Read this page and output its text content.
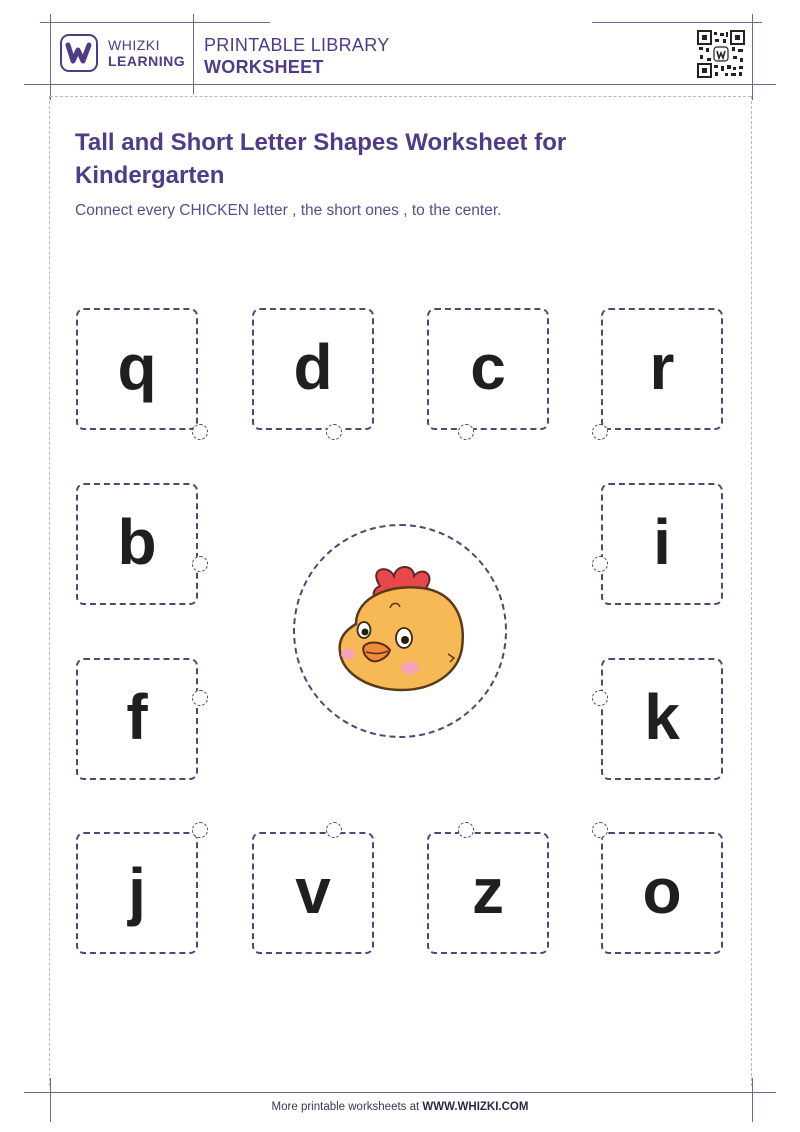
WHIZKI
LEARNING
PRINTABLE LIBRARY
WORKSHEET
Tall and Short Letter Shapes Worksheet for Kindergarten
Connect every CHICKEN letter , the short ones , to the center.
q d c r
b	i
f	k
j v z o
More printable worksheets at WWW.WHIZKI.COM
